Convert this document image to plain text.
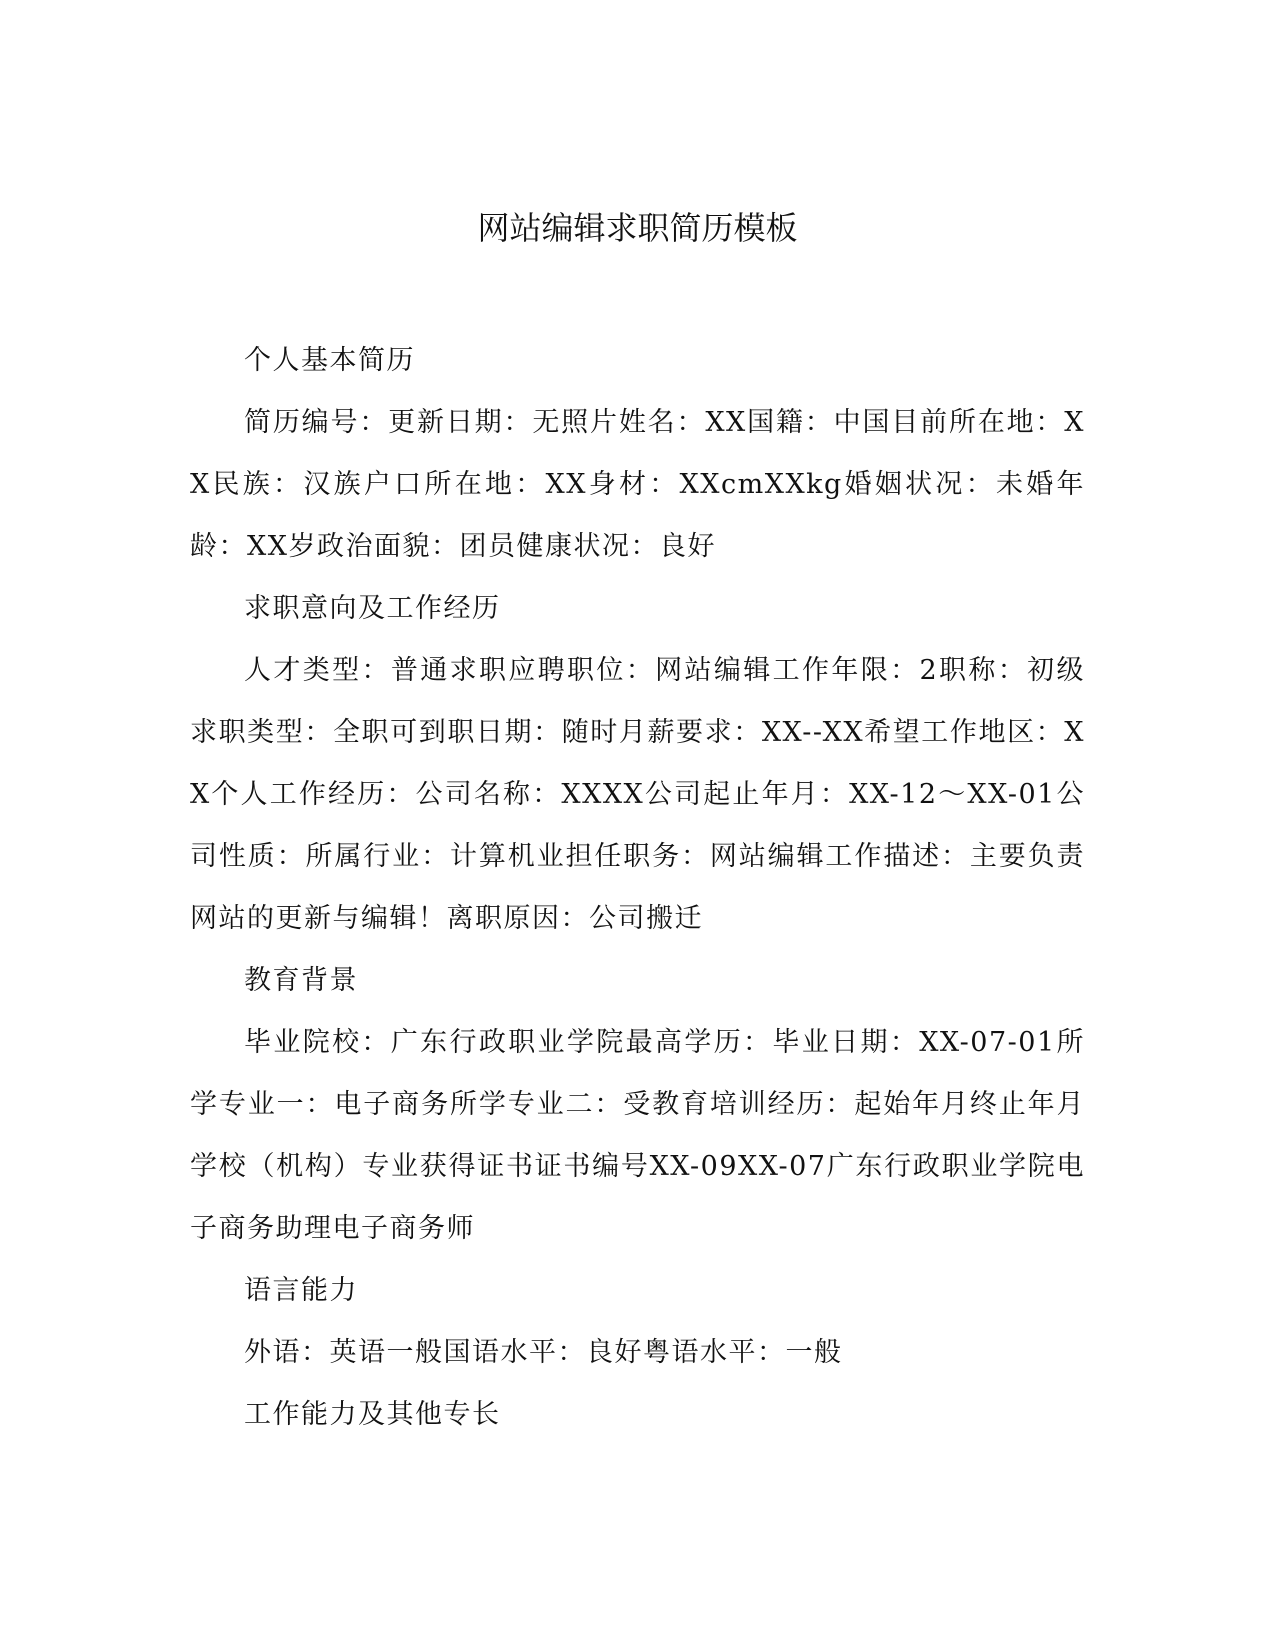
网站编辑求职简历模板

个人基本简历

简历编号：更新日期：无照片姓名：XX国籍：中国目前所在地：XX民族：汉族户口所在地：XX身材：XXcmXXkg婚姻状况：未婚年龄：XX岁政治面貌：团员健康状况：良好

求职意向及工作经历

人才类型：普通求职应聘职位：网站编辑工作年限：2职称：初级求职类型：全职可到职日期：随时月薪要求：XX--XX希望工作地区：XX个人工作经历：公司名称：XXXX公司起止年月：XX-12～XX-01公司性质：所属行业：计算机业担任职务：网站编辑工作描述：主要负责网站的更新与编辑！离职原因：公司搬迁

教育背景

毕业院校：广东行政职业学院最高学历：毕业日期：XX-07-01所学专业一：电子商务所学专业二：受教育培训经历：起始年月终止年月学校（机构）专业获得证书证书编号XX-09XX-07广东行政职业学院电子商务助理电子商务师

语言能力

外语：英语一般国语水平：良好粤语水平：一般

工作能力及其他专长
